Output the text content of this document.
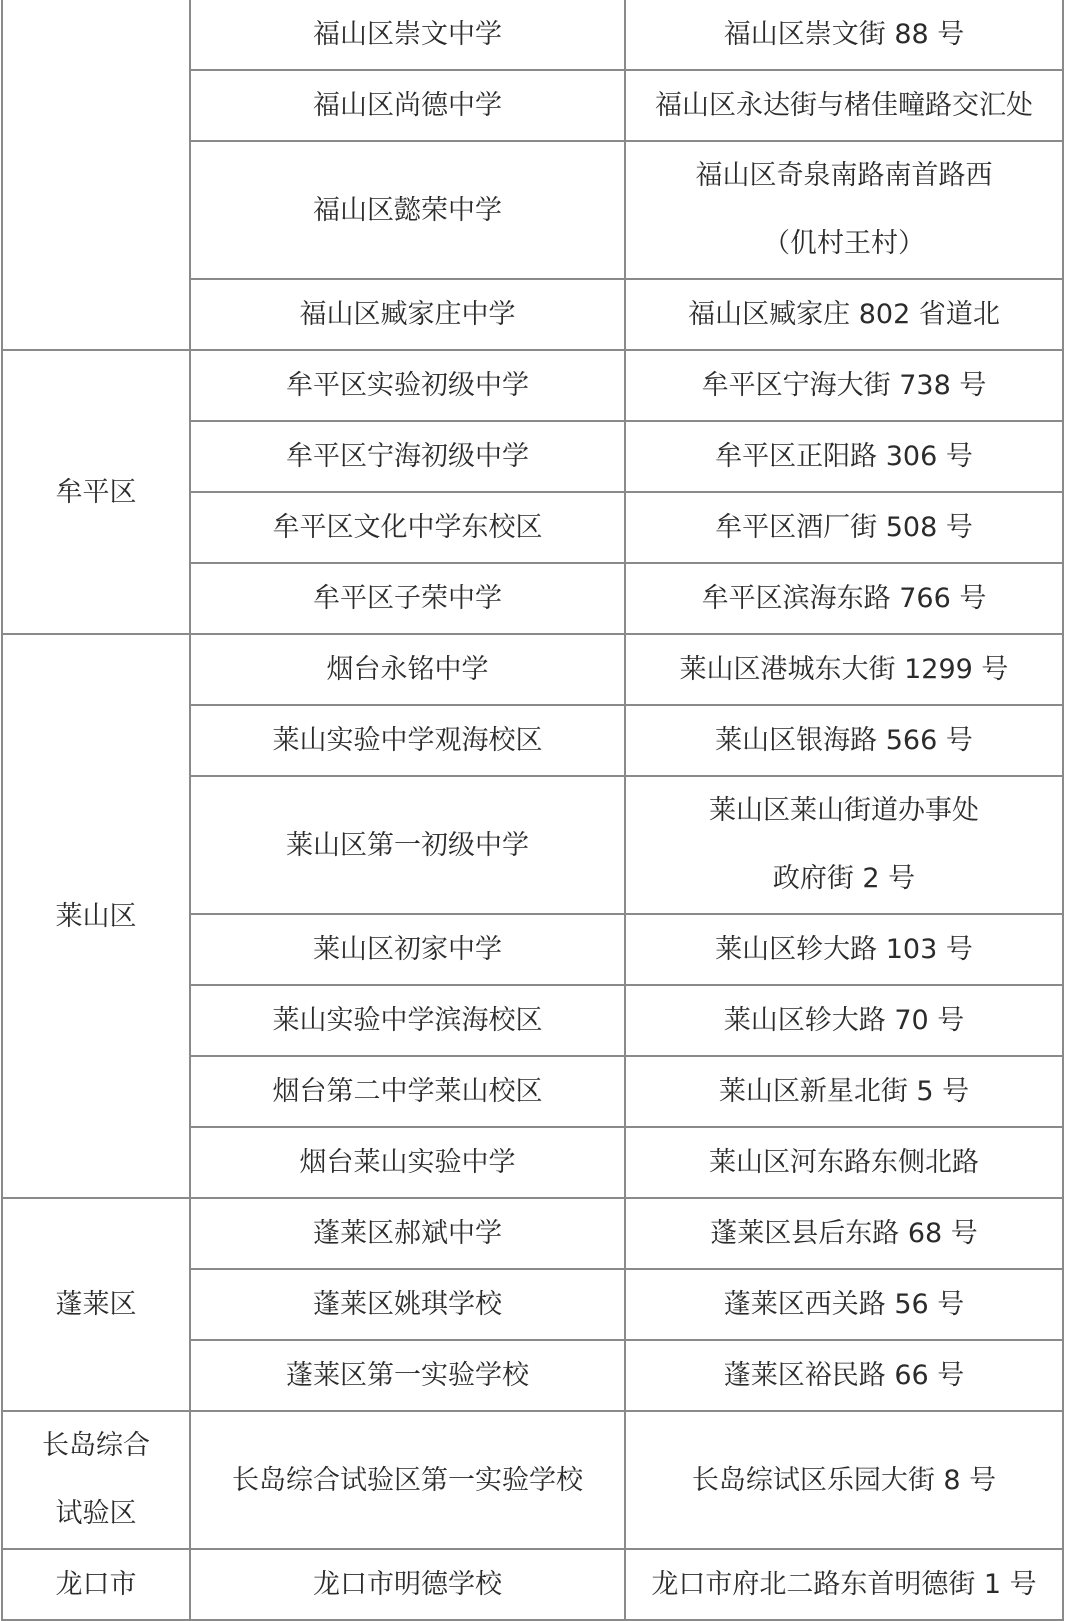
	福山区崇文中学	福山区崇文街 88 号
	福山区尚德中学	福山区永达街与楮佳疃路交汇处
	福山区懿荣中学	福山区奇泉南路南首路西
（仉村王村）

	福山区臧家庄中学	福山区臧家庄 802 省道北
牟平区	牟平区实验初级中学	牟平区宁海大街 738 号
	牟平区宁海初级中学	牟平区正阳路 306 号
	牟平区文化中学东校区	牟平区酒厂街 508 号
	牟平区子荣中学	牟平区滨海东路 766 号
莱山区	烟台永铭中学	莱山区港城东大街 1299 号
	莱山实验中学观海校区	莱山区银海路 566 号
	莱山区第一初级中学	莱山区莱山街道办事处
政府街 2 号

	莱山区初家中学	莱山区轸大路 103 号
	莱山实验中学滨海校区	莱山区轸大路 70 号
	烟台第二中学莱山校区	莱山区新星北街 5 号
	烟台莱山实验中学	莱山区河东路东侧北路
蓬莱区	蓬莱区郝斌中学	蓬莱区县后东路 68 号
	蓬莱区姚琪学校	蓬莱区西关路 56 号
	蓬莱区第一实验学校	蓬莱区裕民路 66 号

长岛综合
试验区	长岛综合试验区第一实验学校	长岛综试区乐园大街 8 号
龙口市	龙口市明德学校	龙口市府北二路东首明德街 1 号
